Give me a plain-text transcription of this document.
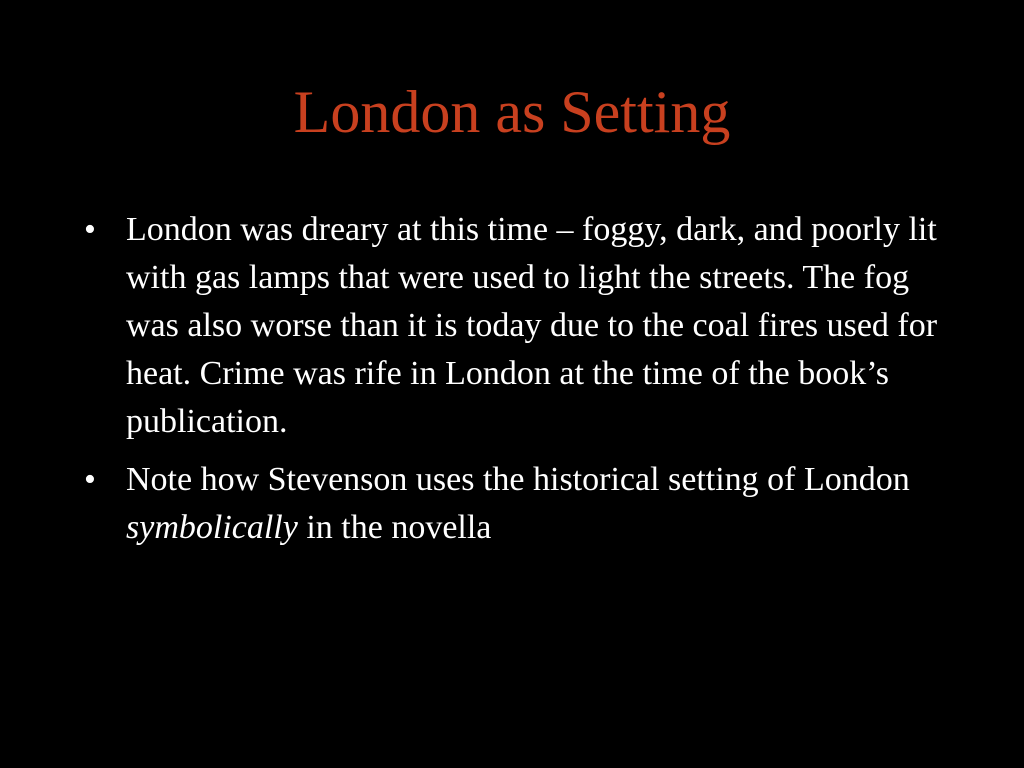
London as Setting
• London was dreary at this time – foggy, dark, and poorly lit with gas lamps that were used to light the streets. The fog was also worse than it is today due to the coal fires used for heat. Crime was rife in London at the time of the book’s publication.
• Note how Stevenson uses the historical setting of London symbolically in the novella
